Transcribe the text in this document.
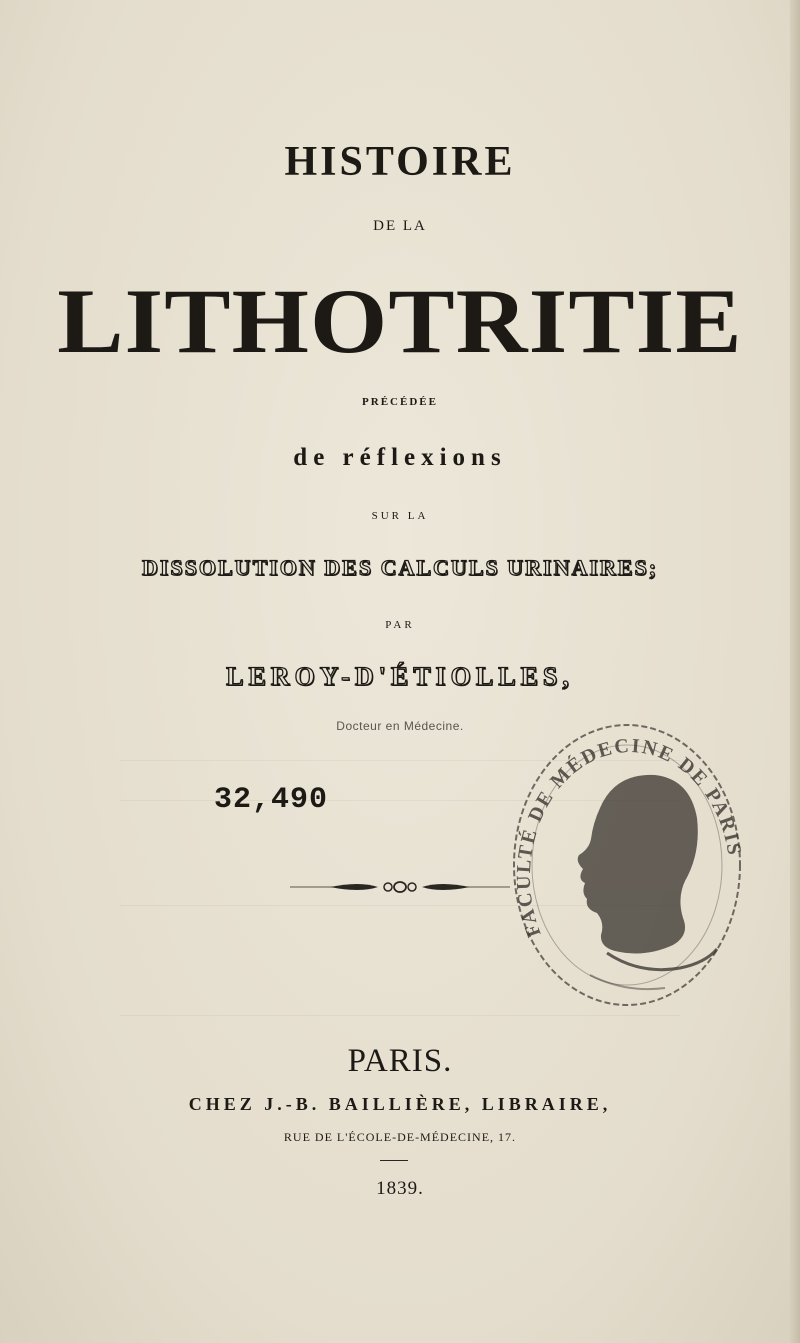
HISTOIRE
DE LA
LITHOTRITIE
PRÉCÉDÉE
de réflexions
SUR LA
DISSOLUTION DES CALCULS URINAIRES;
PAR
LEROY-D'ÉTIOLLES,
Docteur en Médecine.
32,490
FACULTÉ DE MÉDECINE DE PARIS
PARIS.
CHEZ J.-B. BAILLIÈRE, LIBRAIRE,
RUE DE L'ÉCOLE-DE-MÉDECINE, 17.
1839.
